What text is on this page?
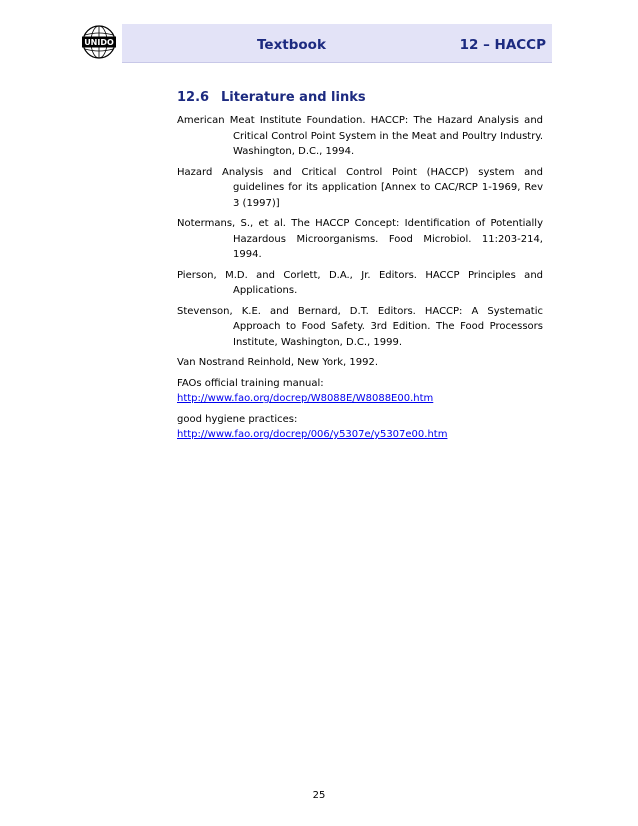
UNIDO	Textbook	12 – HACCP
12.6 Literature and links

American Meat Institute Foundation. HACCP: The Hazard Analysis and Critical Control Point System in the Meat and Poultry Industry. Washington, D.C., 1994.

Hazard Analysis and Critical Control Point (HACCP) system and guidelines for its application [Annex to CAC/RCP 1-1969, Rev 3 (1997)]

Notermans, S., et al. The HACCP Concept: Identification of Potentially Hazardous Microorganisms. Food Microbiol. 11:203-214, 1994.

Pierson, M.D. and Corlett, D.A., Jr. Editors. HACCP Principles and Applications.

Stevenson, K.E. and Bernard, D.T. Editors. HACCP: A Systematic Approach to Food Safety. 3rd Edition. The Food Processors Institute, Washington, D.C., 1999.

Van Nostrand Reinhold, New York, 1992.

FAOs official training manual:
http://www.fao.org/docrep/W8088E/W8088E00.htm
good hygiene practices:
http://www.fao.org/docrep/006/y5307e/y5307e00.htm
25
